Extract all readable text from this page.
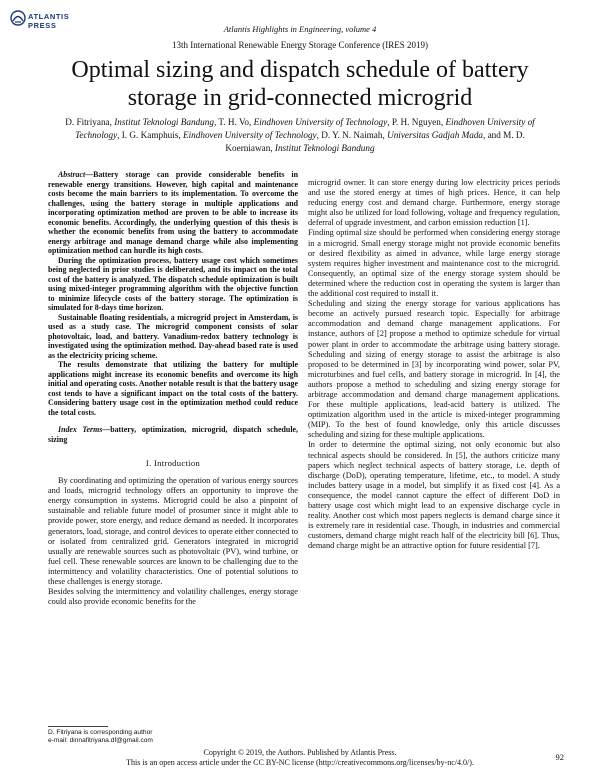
ATLANTIS
PRESS	Atlantis Highlights in Engineering, volume 4
13th International Renewable Energy Storage Conference (IRES 2019)
Optimal sizing and dispatch schedule of battery storage in grid-connected microgrid
D. Fitriyana, Institut Teknologi Bandung, T. H. Vo, Eindhoven University of Technology, P. H. Nguyen, Eindhoven University of Technology, I. G. Kamphuis, Eindhoven University of Technology, D. Y. N. Naimah, Universitas Gadjah Mada, and M. D. Koerniawan, Institut Teknologi Bandung

Abstract—Battery storage can provide considerable benefits in renewable energy transitions. However, high capital and maintenance costs become the main barriers to its implementation. To overcome the challenges, using the battery storage in multiple applications and incorporating optimization method are proven to be able to increase its economic benefits. Accordingly, the underlying question of this thesis is whether the economic benefits from using the battery to accommodate energy arbitrage and manage demand charge while also implementing optimization method can hurdle its high costs.

During the optimization process, battery usage cost which sometimes being neglected in prior studies is deliberated, and its impact on the total cost of the battery is analyzed. The dispatch schedule optimization is built using mixed-integer programming algorithm with the objective function to minimize lifecycle costs of the battery storage. The optimization is simulated for 8-days time horizon.

Sustainable floating residentials, a microgrid project in Amsterdam, is used as a study case. The microgrid component consists of solar photovoltaic, load, and battery. Vanadium-redox battery technology is investigated using the optimization method. Day-ahead based rate is used as the electricity pricing scheme.

The results demonstrate that utilizing the battery for multiple applications might increase its economic benefits and overcome its high initial and operating costs. Another notable result is that the battery usage cost tends to have a significant impact on the total costs of the battery. Considering battery usage cost in the optimization method could reduce the total costs.

Index Terms—battery, optimization, microgrid, dispatch schedule, sizing
I. Introduction

By coordinating and optimizing the operation of various energy sources and loads, microgrid technology offers an opportunity to improve the energy consumption in systems. Microgrid could be also a pinpoint of sustainable and reliable future model of prosumer since it might able to provide power, store energy, and reduce demand as needed. It incorporates generators, load, storage, and control devices to operate either connected to or isolated from centralized grid. Generators integrated in microgrid usually are renewable sources such as photovoltaic (PV), wind turbine, or fuel cell. These renewable sources are known to be challenging due to the intermittency and volatility characteristics. One of potential solutions to these challenges is energy storage.

Besides solving the intermittency and volatility challenges, energy storage could also provide economic benefits for the

microgrid owner. It can store energy during low electricity prices periods and use the stored energy at times of high prices. Hence, it can help reducing energy cost and demand charge. Furthermore, energy storage might also be utilized for load following, voltage and frequency regulation, deferral of upgrade investment, and carbon emission reduction [1].

Finding optimal size should be performed when considering energy storage in a microgrid. Small energy storage might not provide economic benefits or desired flexibility as aimed in advance, while large energy storage system requires higher investment and maintenance cost to the microgrid. Consequently, an optimal size of the energy storage system should be determined where the reduction cost in operating the system is larger than the additional cost required to install it.

Scheduling and sizing the energy storage for various applications has become an actively pursued research topic. Especially for arbitrage accommodation and demand charge management applications. For instance, authors of [2] propose a method to optimize schedule for virtual power plant in order to accommodate the arbitrage using battery storage. Scheduling and sizing of energy storage to assist the arbitrage is also proposed to be determined in [3] by incorporating wind power, solar PV, microturbines and fuel cells, and battery storage in microgrid. In [4], the authors propose a method to scheduling and sizing energy storage for arbitrage accommodation and demand charge management applications. For these multiple applications, lead-acid battery is utilized. The optimization algorithm used in the article is mixed-integer programming (MIP). To the best of found knowledge, only this article discusses scheduling and sizing for these multiple applications.

In order to determine the optimal sizing, not only economic but also technical aspects should be considered. In [5], the authors criticize many papers which neglect technical aspects of battery storage, i.e. depth of discharge (DoD), operating temperature, lifetime, etc., to model. A study includes battery usage in a model, but simplify it as fixed cost [4]. As a consequence, the model cannot capture the effect of different DoD in battery usage cost which might lead to an expensive discharge cycle in reality. Another cost which most papers neglects is demand charge since it is extremely rare in residential case. Though, in industries and commercial customers, demand charge might reach half of the electricity bill [6]. Thus, demand charge might be an attractive option for future residential [7].

D. Fitriyana is corresponding author
e-mail: dinnafitriyana.df@gmail.com
Copyright © 2019, the Authors. Published by Atlantis Press.
This is an open access article under the CC BY-NC license (http://creativecommons.org/licenses/by-nc/4.0/).
92
